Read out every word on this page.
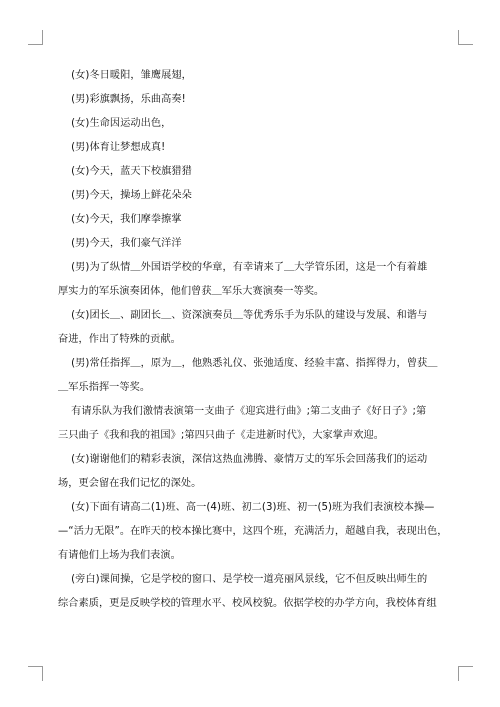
(女)冬日暖阳，雏鹰展翅，
(男)彩旗飘扬，乐曲高奏!
(女)生命因运动出色，
(男)体育让梦想成真!
(女)今天，蓝天下校旗猎猎
(男)今天，操场上鲜花朵朵
(女)今天，我们摩拳擦掌
(男)今天，我们豪气洋洋
(男)为了纵情＿外国语学校的华章，有幸请来了＿大学管乐团，这是一个有着雄
厚实力的军乐演奏团体，他们曾获＿军乐大赛演奏一等奖。
(女)团长＿、副团长＿、资深演奏员＿等优秀乐手为乐队的建设与发展、和谐与
奋进，作出了特殊的贡献。
(男)常任指挥＿，原为＿，他熟悉礼仪、张弛适度、经验丰富、指挥得力，曾获＿
＿军乐指挥一等奖。
有请乐队为我们激情表演第一支曲子《迎宾进行曲》;第二支曲子《好日子》;第
三只曲子《我和我的祖国》;第四只曲子《走进新时代》，大家掌声欢迎。
(女)谢谢他们的精彩表演，深信这热血沸腾、豪情万丈的军乐会回荡我们的运动
场，更会留在我们记忆的深处。
(女)下面有请高二(1)班、高一(4)班、初二(3)班、初一(5)班为我们表演校本操—
—“活力无限”。在昨天的校本操比赛中，这四个班，充满活力，超越自我，表现出色，
有请他们上场为我们表演。
(旁白)课间操，它是学校的窗口、是学校一道亮丽风景线，它不但反映出师生的
综合素质，更是反映学校的管理水平、校风校貌。依据学校的办学方向，我校体育组
